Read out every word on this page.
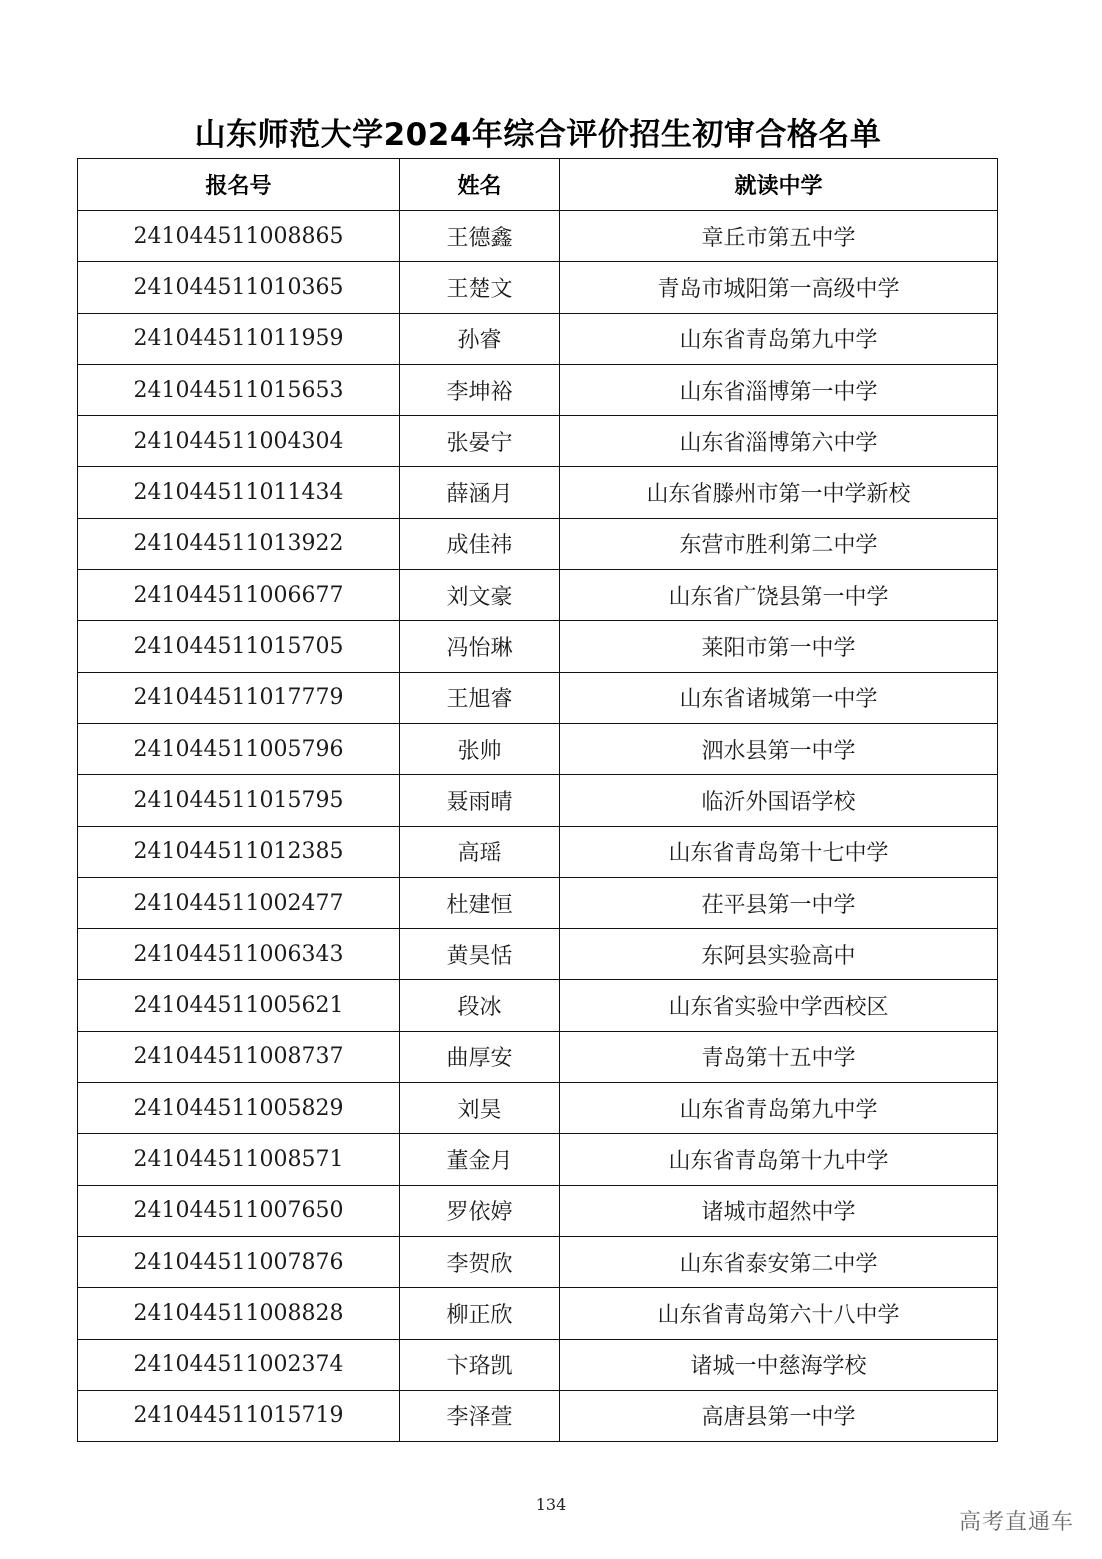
山东师范大学2024年综合评价招生初审合格名单
报名号	姓名	就读中学
241044511008865	王德鑫	章丘市第五中学
241044511010365	王楚文	青岛市城阳第一高级中学
241044511011959	孙睿	山东省青岛第九中学
241044511015653	李坤裕	山东省淄博第一中学
241044511004304	张晏宁	山东省淄博第六中学
241044511011434	薛涵月	山东省滕州市第一中学新校
241044511013922	成佳祎	东营市胜利第二中学
241044511006677	刘文豪	山东省广饶县第一中学
241044511015705	冯怡琳	莱阳市第一中学
241044511017779	王旭睿	山东省诸城第一中学
241044511005796	张帅	泗水县第一中学
241044511015795	聂雨晴	临沂外国语学校
241044511012385	高瑶	山东省青岛第十七中学
241044511002477	杜建恒	茌平县第一中学
241044511006343	黄昊恬	东阿县实验高中
241044511005621	段冰	山东省实验中学西校区
241044511008737	曲厚安	青岛第十五中学
241044511005829	刘昊	山东省青岛第九中学
241044511008571	董金月	山东省青岛第十九中学
241044511007650	罗依婷	诸城市超然中学
241044511007876	李贺欣	山东省泰安第二中学
241044511008828	柳正欣	山东省青岛第六十八中学
241044511002374	卞珞凯	诸城一中慈海学校
241044511015719	李泽萱	高唐县第一中学
134
高考直通车
